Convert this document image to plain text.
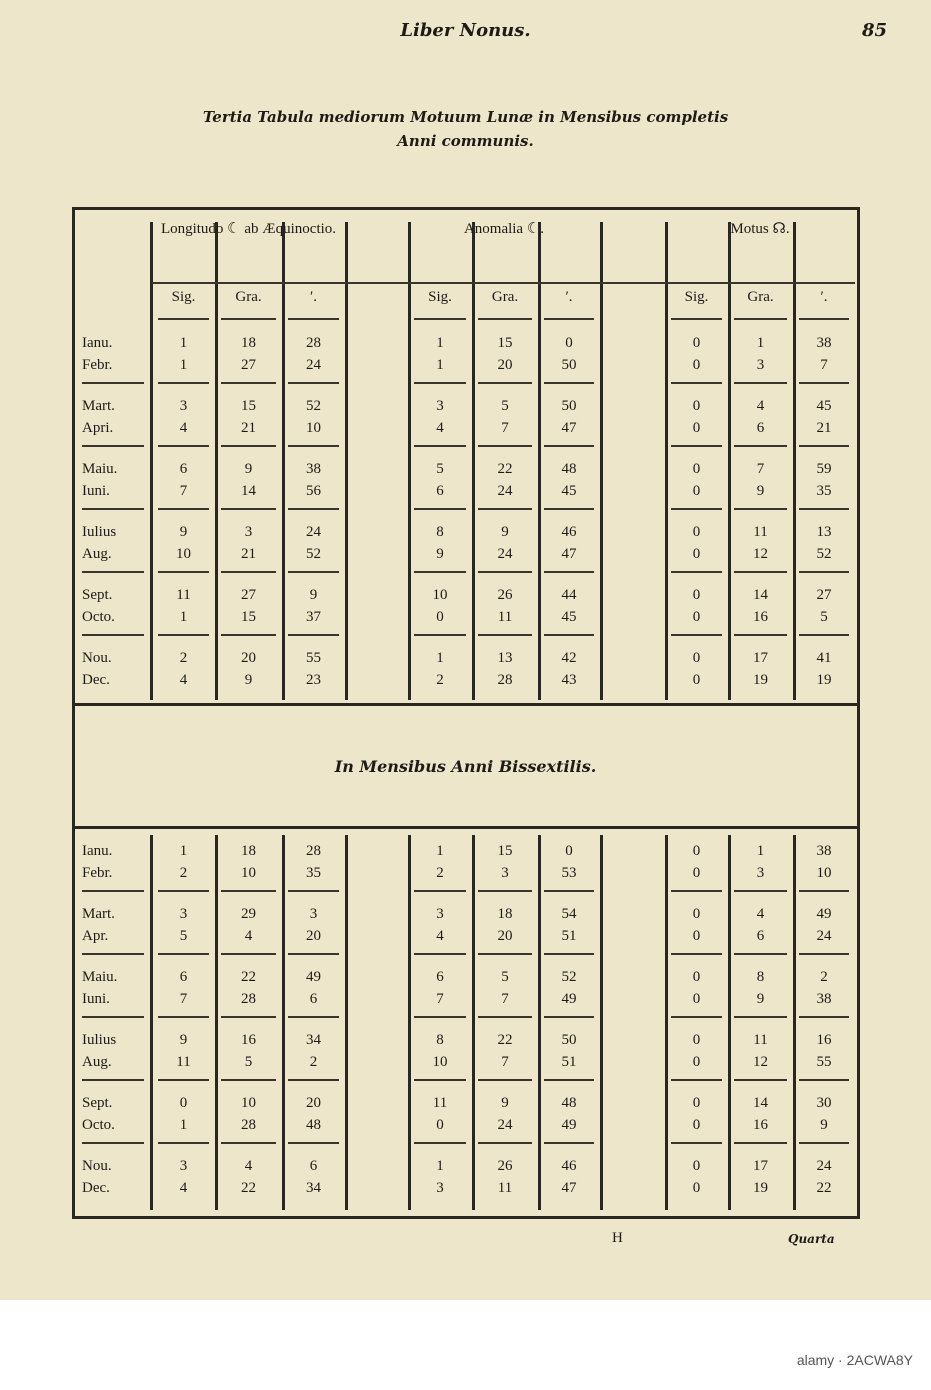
Liber Nonus.	85
Tertia Tabula mediorum Motuum Lunæ in Mensibus completis
Anni communis.
Longitudo ☾ ab Æquinoctio.	Anomalia ☾.	Motus ☊.
Sig.	Gra.	′.	Sig.	Gra.	′.	Sig.	Gra.	′.
Ianu.	1	18	28	1	15	0	0	1	38
Febr.	1	27	24	1	20	50	0	3	7
Mart.	3	15	52	3	5	50	0	4	45
Apri.	4	21	10	4	7	47	0	6	21
Maiu.	6	9	38	5	22	48	0	7	59
Iuni.	7	14	56	6	24	45	0	9	35
Iulius	9	3	24	8	9	46	0	11	13
Aug.	10	21	52	9	24	47	0	12	52
Sept.	11	27	9	10	26	44	0	14	27
Octo.	1	15	37	0	11	45	0	16	5
Nou.	2	20	55	1	13	42	0	17	41
Dec.	4	9	23	2	28	43	0	19	19
Ianu.	1	18	28	1	15	0	0	1	38
Febr.	2	10	35	2	3	53	0	3	10
Mart.	3	29	3	3	18	54	0	4	49
Apr.	5	4	20	4	20	51	0	6	24
Maiu.	6	22	49	6	5	52	0	8	2
Iuni.	7	28	6	7	7	49	0	9	38
Iulius	9	16	34	8	22	50	0	11	16
Aug.	11	5	2	10	7	51	0	12	55
Sept.	0	10	20	11	9	48	0	14	30
Octo.	1	28	48	0	24	49	0	16	9
Nou.	3	4	6	1	26	46	0	17	24
Dec.	4	22	34	3	11	47	0	19	22
In Mensibus Anni Bissextilis.
H	Quarta
alamy · 2ACWA8Y
